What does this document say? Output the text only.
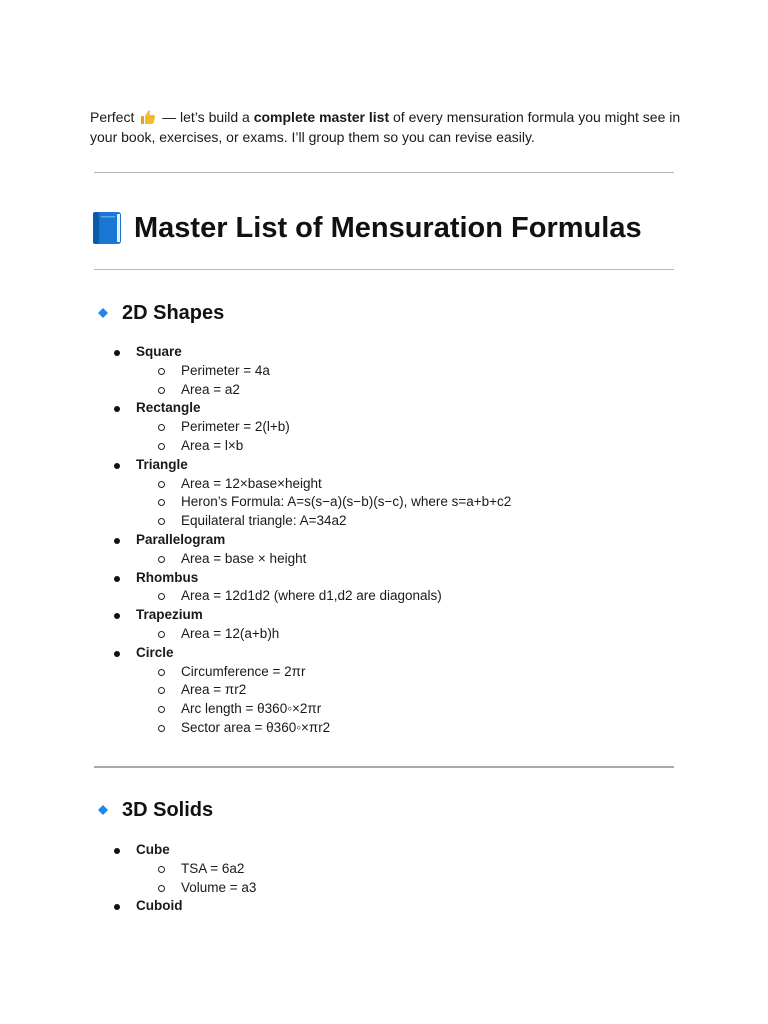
Perfect  — let’s build a complete master list of every mensuration formula you might see in your book, exercises, or exams. I’ll group them so you can revise easily.
Master List of Mensuration Formulas
2D Shapes
Square
Perimeter = 4a
Area = a2
Rectangle
Perimeter = 2(l+b)
Area = l×b
Triangle
Area = 12×base×height
Heron’s Formula: A=s(s−a)(s−b)(s−c), where s=a+b+c2
Equilateral triangle: A=34a2
Parallelogram
Area = base × height
Rhombus
Area = 12d1d2 (where d1,d2 are diagonals)
Trapezium
Area = 12(a+b)h
Circle
Circumference = 2πr
Area = πr2
Arc length = θ360◦×2πr
Sector area = θ360◦×πr2
3D Solids
Cube
TSA = 6a2
Volume = a3
Cuboid
